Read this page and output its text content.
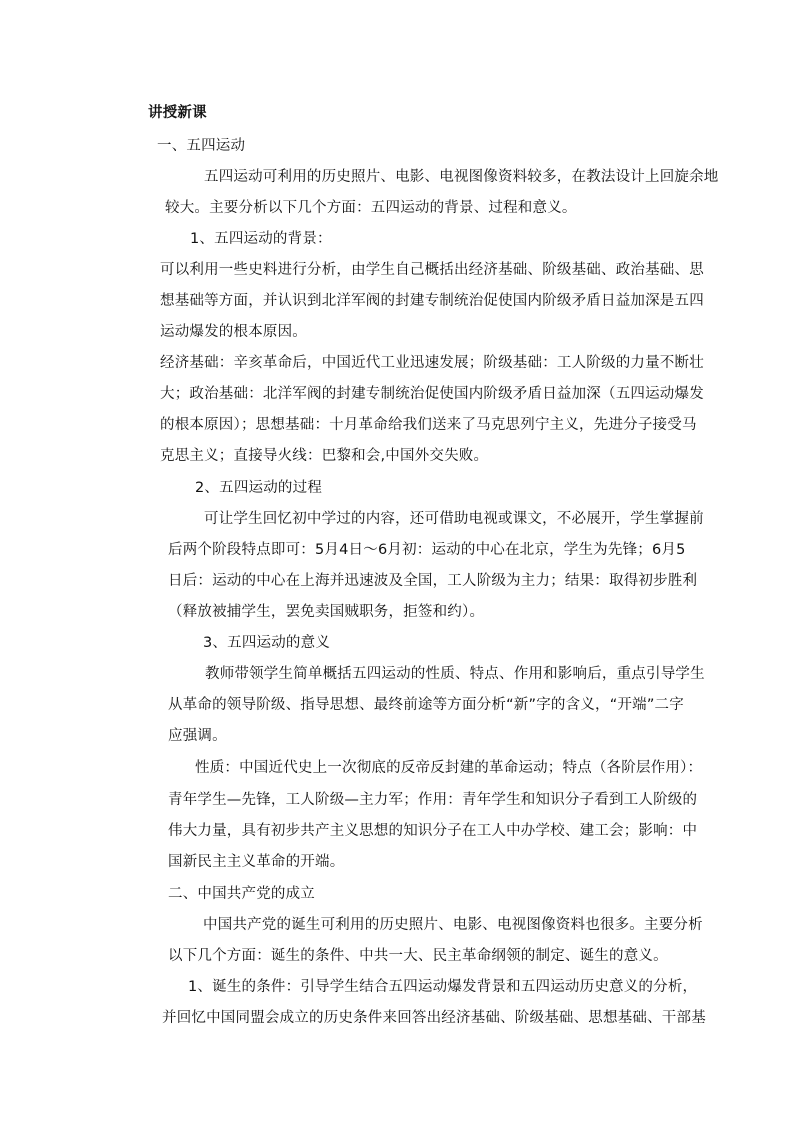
讲授新课
一、五四运动
五四运动可利用的历史照片、电影、电视图像资料较多，在教法设计上回旋余地
较大。主要分析以下几个方面：五四运动的背景、过程和意义。
1、五四运动的背景：
可以利用一些史料进行分析，由学生自己概括出经济基础、阶级基础、政治基础、思
想基础等方面，并认识到北洋军阀的封建专制统治促使国内阶级矛盾日益加深是五四
运动爆发的根本原因。
经济基础：辛亥革命后，中国近代工业迅速发展；阶级基础：工人阶级的力量不断壮
大；政治基础：北洋军阀的封建专制统治促使国内阶级矛盾日益加深（五四运动爆发
的根本原因）；思想基础：十月革命给我们送来了马克思列宁主义，先进分子接受马
克思主义；直接导火线：巴黎和会,中国外交失败。
2、五四运动的过程
可让学生回忆初中学过的内容，还可借助电视或课文，不必展开，学生掌握前
后两个阶段特点即可：5月4日～6月初：运动的中心在北京，学生为先锋；6月5
日后：运动的中心在上海并迅速波及全国，工人阶级为主力；结果：取得初步胜利
（释放被捕学生，罢免卖国贼职务，拒签和约）。
3、五四运动的意义
教师带领学生简单概括五四运动的性质、特点、作用和影响后，重点引导学生
从革命的领导阶级、指导思想、最终前途等方面分析“新”字的含义，“开端”二字
应强调。
性质：中国近代史上一次彻底的反帝反封建的革命运动；特点（各阶层作用）：
青年学生—先锋，工人阶级—主力军；作用：青年学生和知识分子看到工人阶级的
伟大力量，具有初步共产主义思想的知识分子在工人中办学校、建工会；影响：中
国新民主主义革命的开端。
二、中国共产党的成立
中国共产党的诞生可利用的历史照片、电影、电视图像资料也很多。主要分析
以下几个方面：诞生的条件、中共一大、民主革命纲领的制定、诞生的意义。
1、诞生的条件：引导学生结合五四运动爆发背景和五四运动历史意义的分析，
并回忆中国同盟会成立的历史条件来回答出经济基础、阶级基础、思想基础、干部基
